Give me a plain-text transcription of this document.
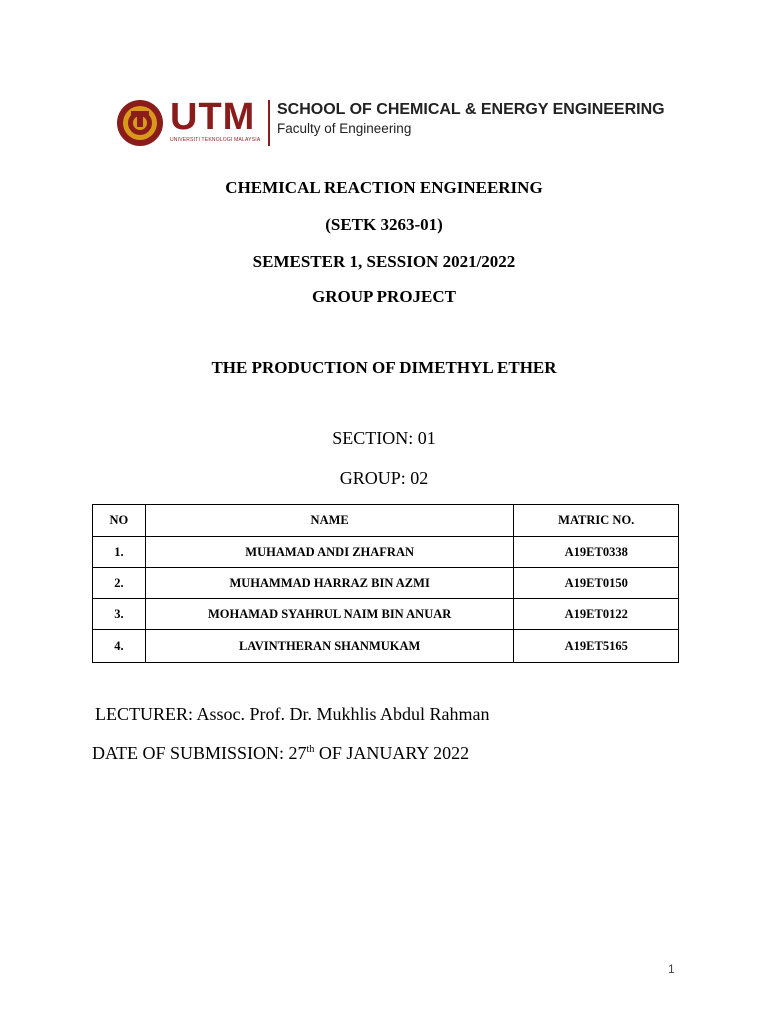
UTM
UNIVERSITI TEKNOLOGI MALAYSIA
SCHOOL OF CHEMICAL & ENERGY ENGINEERING
Faculty of Engineering
CHEMICAL REACTION ENGINEERING
(SETK 3263-01)
SEMESTER 1, SESSION 2021/2022
GROUP PROJECT
THE PRODUCTION OF DIMETHYL ETHER
SECTION: 01
GROUP: 02
NO	NAME	MATRIC NO.
1.	MUHAMAD ANDI ZHAFRAN	A19ET0338
2.	MUHAMMAD HARRAZ BIN AZMI	A19ET0150
3.	MOHAMAD SYAHRUL NAIM BIN ANUAR	A19ET0122
4.	LAVINTHERAN SHANMUKAM	A19ET5165
LECTURER: Assoc. Prof. Dr. Mukhlis Abdul Rahman
DATE OF SUBMISSION: 27th OF JANUARY 2022
1
